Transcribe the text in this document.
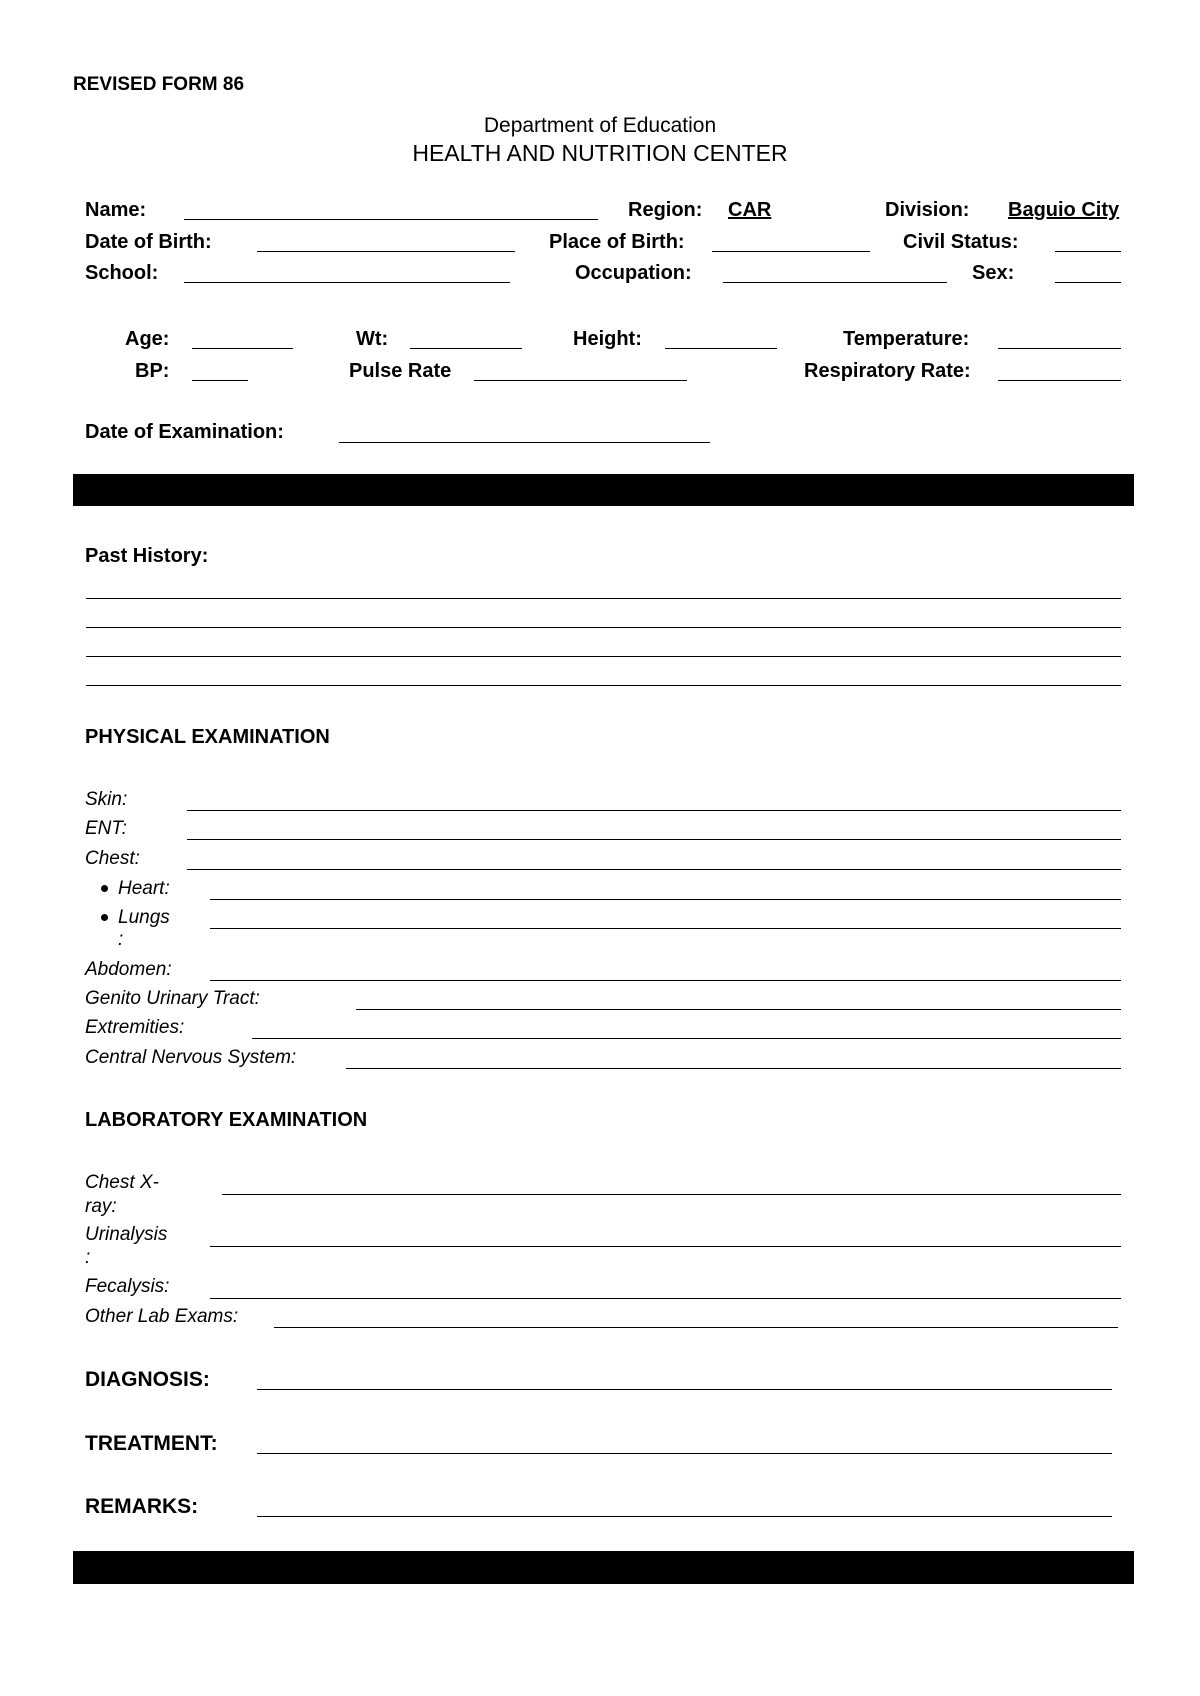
REVISED FORM 86
Department of Education
HEALTH AND NUTRITION CENTER
Name:	Region: CAR	Division: Baguio City
Date of Birth:	Place of Birth:	Civil Status:
School:	Occupation:	Sex:
Age:	Wt:	Height:	Temperature:
BP:	Pulse Rate	Respiratory Rate:
Date of Examination:
Past History:
PHYSICAL EXAMINATION
Skin:
ENT:
Chest:
Heart:
Lungs
:
Abdomen:
Genito Urinary Tract:
Extremities:
Central Nervous System:
LABORATORY EXAMINATION
Chest X-
ray:
Urinalysis
:
Fecalysis:
Other Lab Exams:
DIAGNOSIS:
TREATMENT:
REMARKS:
